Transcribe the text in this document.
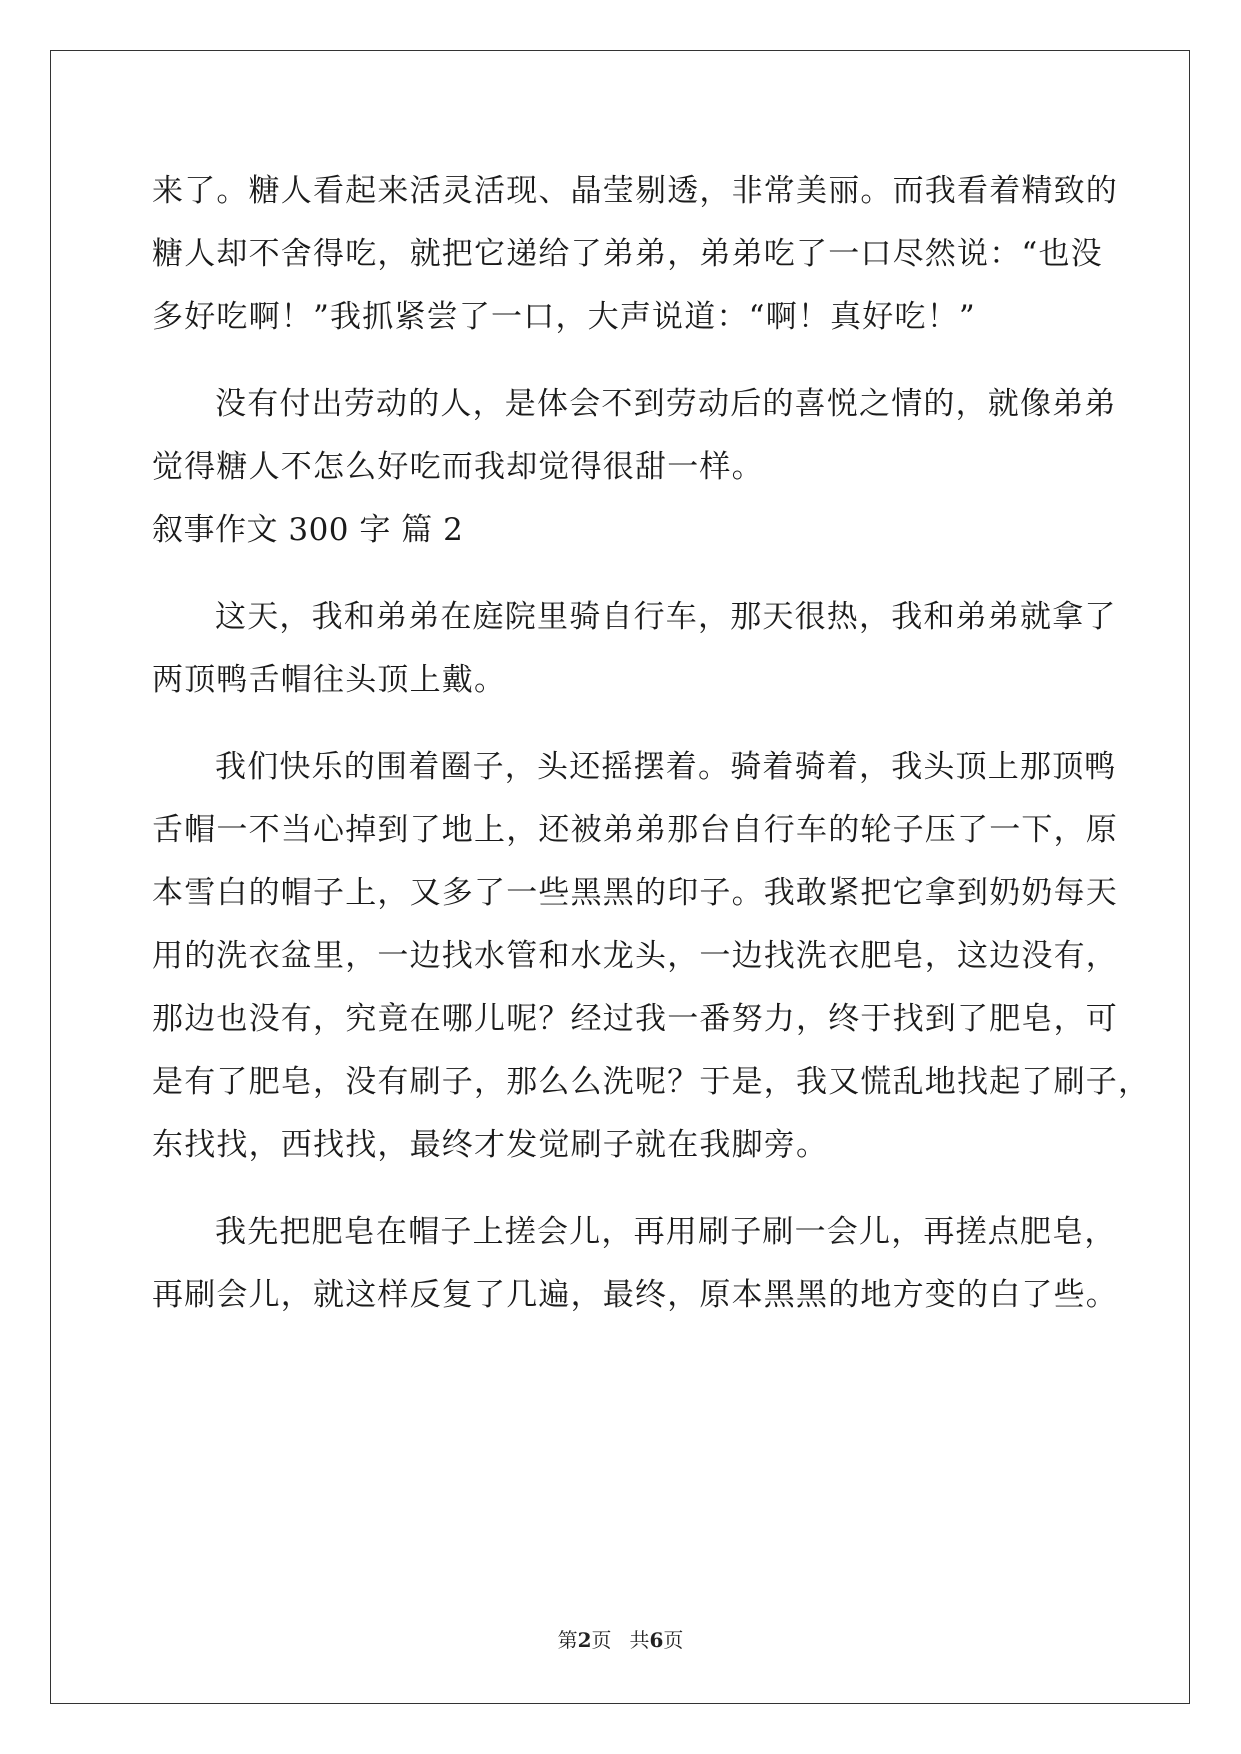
来了。糖人看起来活灵活现、晶莹剔透，非常美丽。而我看着精致的
糖人却不舍得吃，就把它递给了弟弟，弟弟吃了一口尽然说：“也没
多好吃啊！”我抓紧尝了一口，大声说道：“啊！真好吃！”
没有付出劳动的人，是体会不到劳动后的喜悦之情的，就像弟弟
觉得糖人不怎么好吃而我却觉得很甜一样。
叙事作文 300 字 篇 2
这天，我和弟弟在庭院里骑自行车，那天很热，我和弟弟就拿了
两顶鸭舌帽往头顶上戴。
我们快乐的围着圈子，头还摇摆着。骑着骑着，我头顶上那顶鸭
舌帽一不当心掉到了地上，还被弟弟那台自行车的轮子压了一下，原
本雪白的帽子上，又多了一些黑黑的印子。我敢紧把它拿到奶奶每天
用的洗衣盆里，一边找水管和水龙头，一边找洗衣肥皂，这边没有，
那边也没有，究竟在哪儿呢？经过我一番努力，终于找到了肥皂，可
是有了肥皂，没有刷子，那么么洗呢？于是，我又慌乱地找起了刷子，
东找找，西找找，最终才发觉刷子就在我脚旁。
我先把肥皂在帽子上搓会儿，再用刷子刷一会儿，再搓点肥皂，
再刷会儿，就这样反复了几遍，最终，原本黑黑的地方变的白了些。
第2页 共6页
